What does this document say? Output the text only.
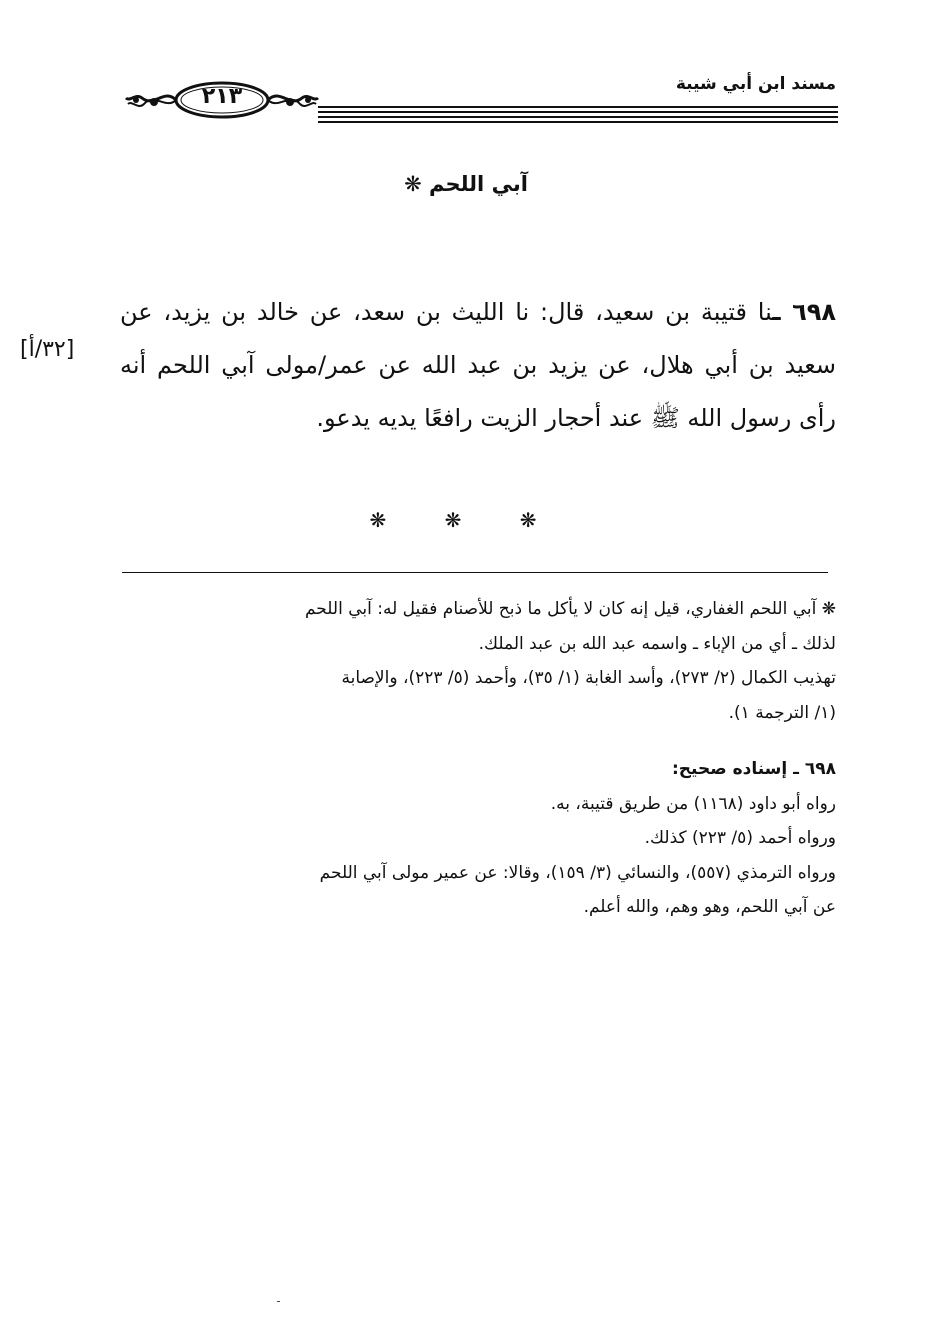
مسند ابن أبي شيبة
٢١٣
آبي اللحم ❋
٦٩٨ ـنا قتيبة بن سعيد، قال: نا الليث بن سعد، عن خالد بن يزيد، عن سعيد بن أبي هلال، عن يزيد بن عبد الله عن عمر/مولى آبي اللحم أنه رأى رسول الله ﷺ عند أحجار الزيت رافعًا يديه يدعو.
[٣٢/أ]
❋ ❋ ❋

❋ آبي اللحم الغفاري، قيل إنه كان لا يأكل ما ذبح للأصنام فقيل له: آبي اللحم

لذلك ـ أي من الإباء ـ واسمه عبد الله بن عبد الملك.

تهذيب الكمال (٢/ ٢٧٣)، وأسد الغابة (١/ ٣٥)، وأحمد (٥/ ٢٢٣)، والإصابة

(١/ الترجمة ١).

٦٩٨ ـ إسناده صحيح:

رواه أبو داود (١١٦٨) من طريق قتيبة، به.

ورواه أحمد (٥/ ٢٢٣) كذلك.

ورواه الترمذي (٥٥٧)، والنسائي (٣/ ١٥٩)، وقالا: عن عمير مولى آبي اللحم

عن آبي اللحم، وهو وهم، والله أعلم.

ـ
